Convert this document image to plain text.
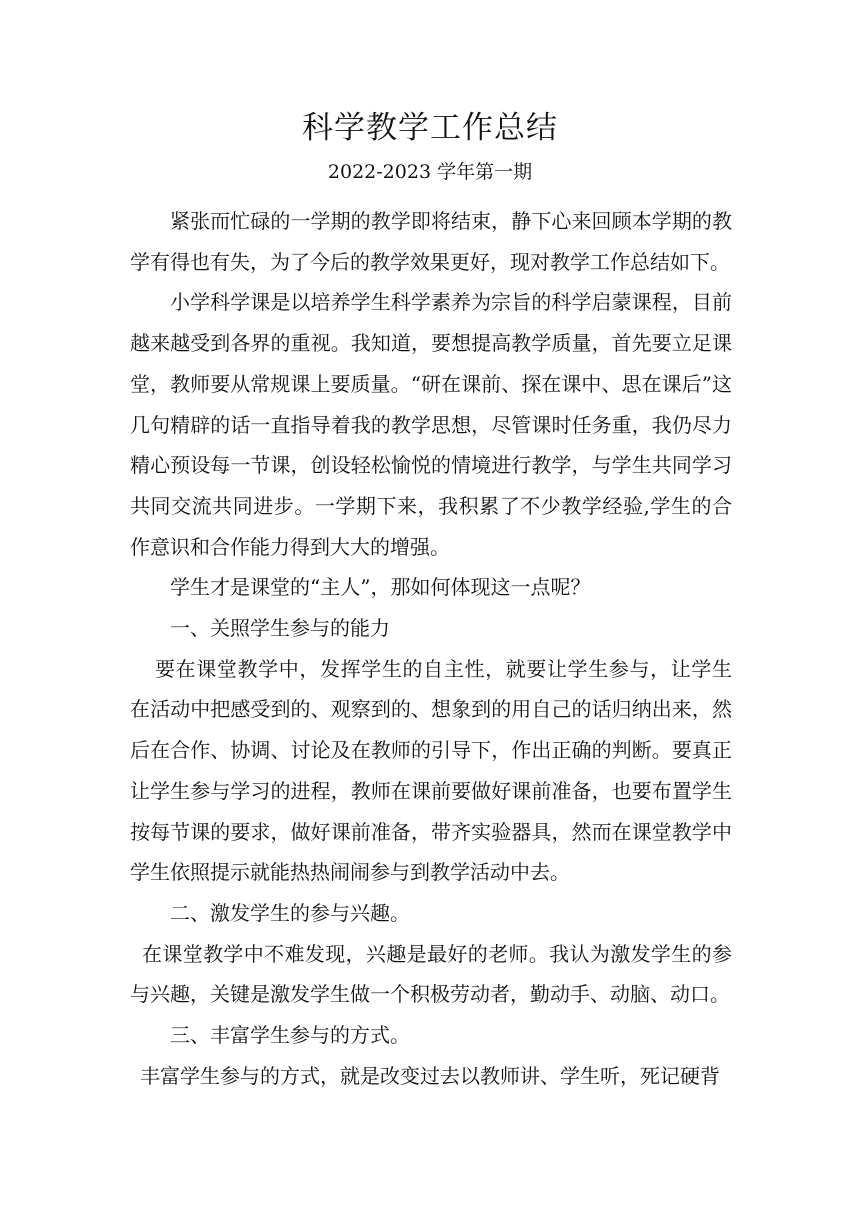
科学教学工作总结
2022-2023 学年第一期

紧张而忙碌的一学期的教学即将结束，静下心来回顾本学期的教学有得也有失，为了今后的教学效果更好，现对教学工作总结如下。

小学科学课是以培养学生科学素养为宗旨的科学启蒙课程，目前越来越受到各界的重视。我知道，要想提高教学质量，首先要立足课堂，教师要从常规课上要质量。“研在课前、探在课中、思在课后”这几句精辟的话一直指导着我的教学思想，尽管课时任务重，我仍尽力精心预设每一节课，创设轻松愉悦的情境进行教学，与学生共同学习共同交流共同进步。一学期下来，我积累了不少教学经验,学生的合作意识和合作能力得到大大的增强。

学生才是课堂的“主人”，那如何体现这一点呢？

一、关照学生参与的能力

要在课堂教学中，发挥学生的自主性，就要让学生参与，让学生在活动中把感受到的、观察到的、想象到的用自己的话归纳出来，然后在合作、协调、讨论及在教师的引导下，作出正确的判断。要真正让学生参与学习的进程，教师在课前要做好课前准备，也要布置学生按每节课的要求，做好课前准备，带齐实验器具，然而在课堂教学中学生依照提示就能热热闹闹参与到教学活动中去。

二、激发学生的参与兴趣。

在课堂教学中不难发现，兴趣是最好的老师。我认为激发学生的参与兴趣，关键是激发学生做一个积极劳动者，勤动手、动脑、动口。

三、丰富学生参与的方式。

丰富学生参与的方式，就是改变过去以教师讲、学生听，死记硬背
